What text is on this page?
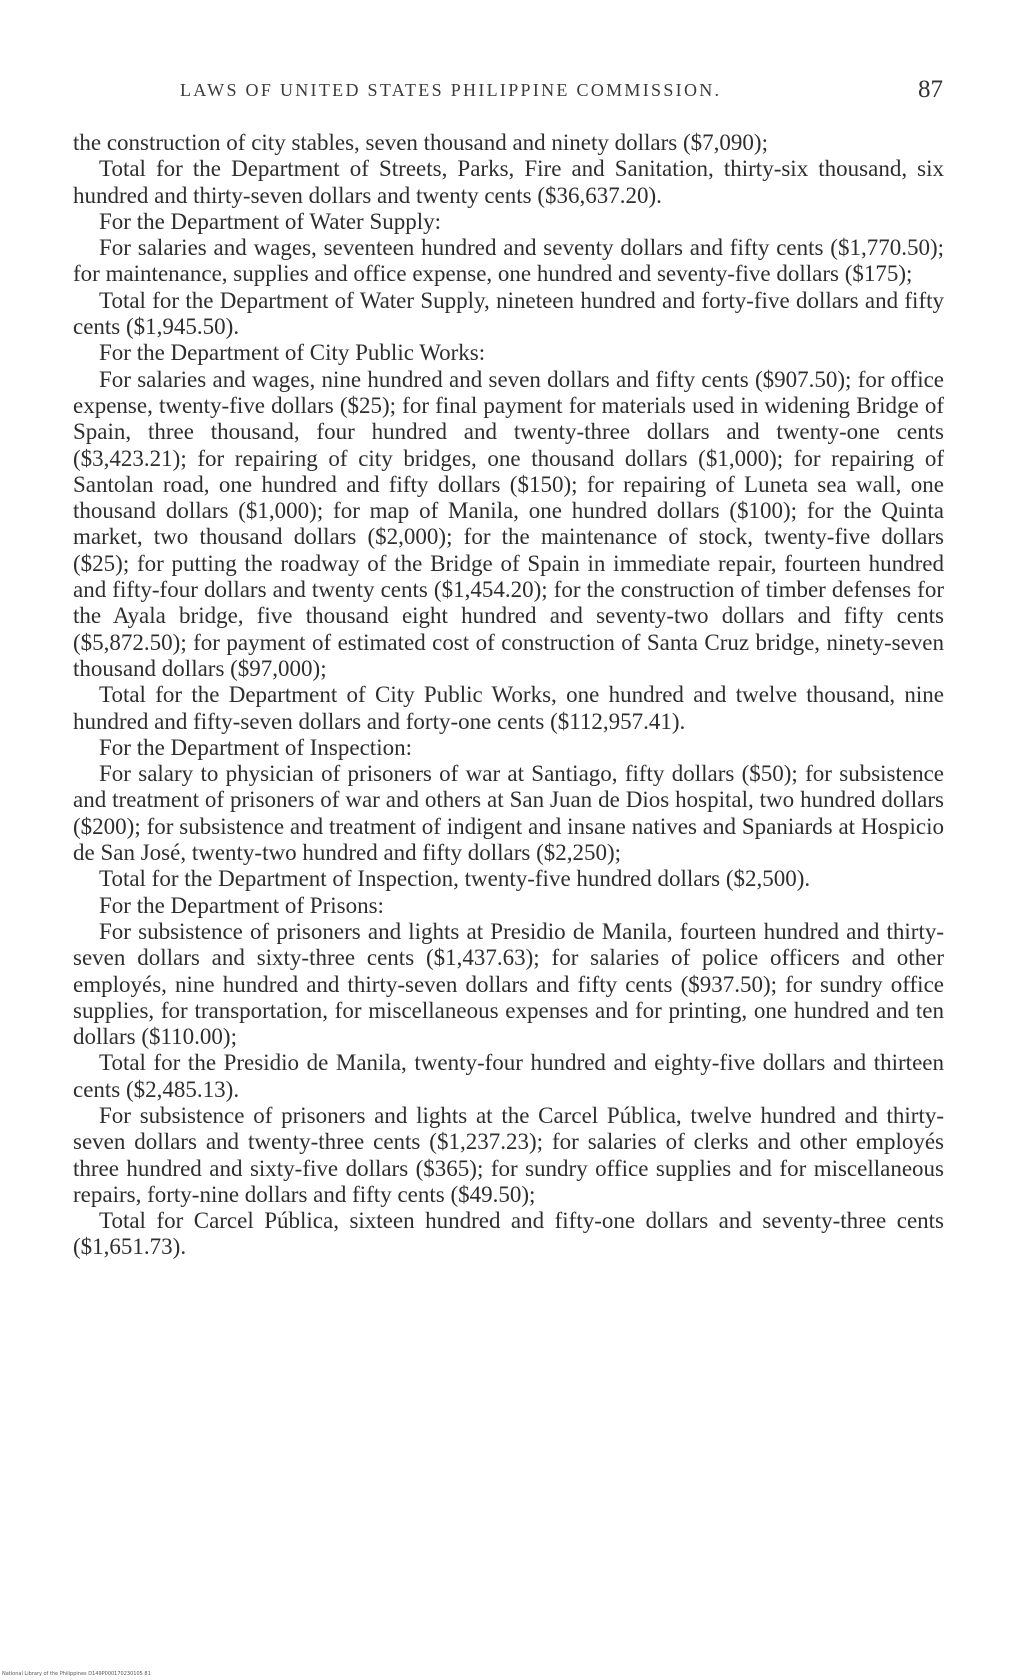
LAWS OF UNITED STATES PHILIPPINE COMMISSION.	87

the construction of city stables, seven thousand and ninety dollars ($7,090);

Total for the Department of Streets, Parks, Fire and Sanitation, thirty-six thousand, six hundred and thirty-seven dollars and twenty cents ($36,637.20).

For the Department of Water Supply:

For salaries and wages, seventeen hundred and seventy dollars and fifty cents ($1,770.50); for maintenance, supplies and office expense, one hundred and seventy-five dollars ($175);

Total for the Department of Water Supply, nineteen hundred and forty-five dollars and fifty cents ($1,945.50).

For the Department of City Public Works:

For salaries and wages, nine hundred and seven dollars and fifty cents ($907.50); for office expense, twenty-five dollars ($25); for final payment for materials used in widening Bridge of Spain, three thousand, four hundred and twenty-three dollars and twenty-one cents ($3,423.21); for repairing of city bridges, one thousand dollars ($1,000); for repairing of Santolan road, one hundred and fifty dollars ($150); for repairing of Luneta sea wall, one thousand dollars ($1,000); for map of Manila, one hundred dollars ($100); for the Quinta market, two thousand dollars ($2,000); for the maintenance of stock, twenty-five dollars ($25); for putting the roadway of the Bridge of Spain in immediate repair, fourteen hundred and fifty-four dollars and twenty cents ($1,454.20); for the construction of timber defenses for the Ayala bridge, five thousand eight hundred and seventy-two dollars and fifty cents ($5,872.50); for payment of estimated cost of construction of Santa Cruz bridge, ninety-seven thousand dollars ($97,000);

Total for the Department of City Public Works, one hundred and twelve thousand, nine hundred and fifty-seven dollars and forty-one cents ($112,957.41).

For the Department of Inspection:

For salary to physician of prisoners of war at Santiago, fifty dollars ($50); for subsistence and treatment of prisoners of war and others at San Juan de Dios hospital, two hundred dollars ($200); for subsistence and treatment of indigent and insane natives and Spaniards at Hospicio de San José, twenty-two hundred and fifty dollars ($2,250);

Total for the Department of Inspection, twenty-five hundred dollars ($2,500).

For the Department of Prisons:

For subsistence of prisoners and lights at Presidio de Manila, fourteen hundred and thirty-seven dollars and sixty-three cents ($1,437.63); for salaries of police officers and other employés, nine hundred and thirty-seven dollars and fifty cents ($937.50); for sundry office supplies, for transportation, for miscellaneous expenses and for printing, one hundred and ten dollars ($110.00);

Total for the Presidio de Manila, twenty-four hundred and eighty-five dollars and thirteen cents ($2,485.13).

For subsistence of prisoners and lights at the Carcel Pública, twelve hundred and thirty-seven dollars and twenty-three cents ($1,237.23); for salaries of clerks and other employés three hundred and sixty-five dollars ($365); for sundry office supplies and for miscellaneous repairs, forty-nine dollars and fifty cents ($49.50);

Total for Carcel Pública, sixteen hundred and fifty-one dollars and seventy-three cents ($1,651.73).

National Library of the Philippines D149P000170230105 81
